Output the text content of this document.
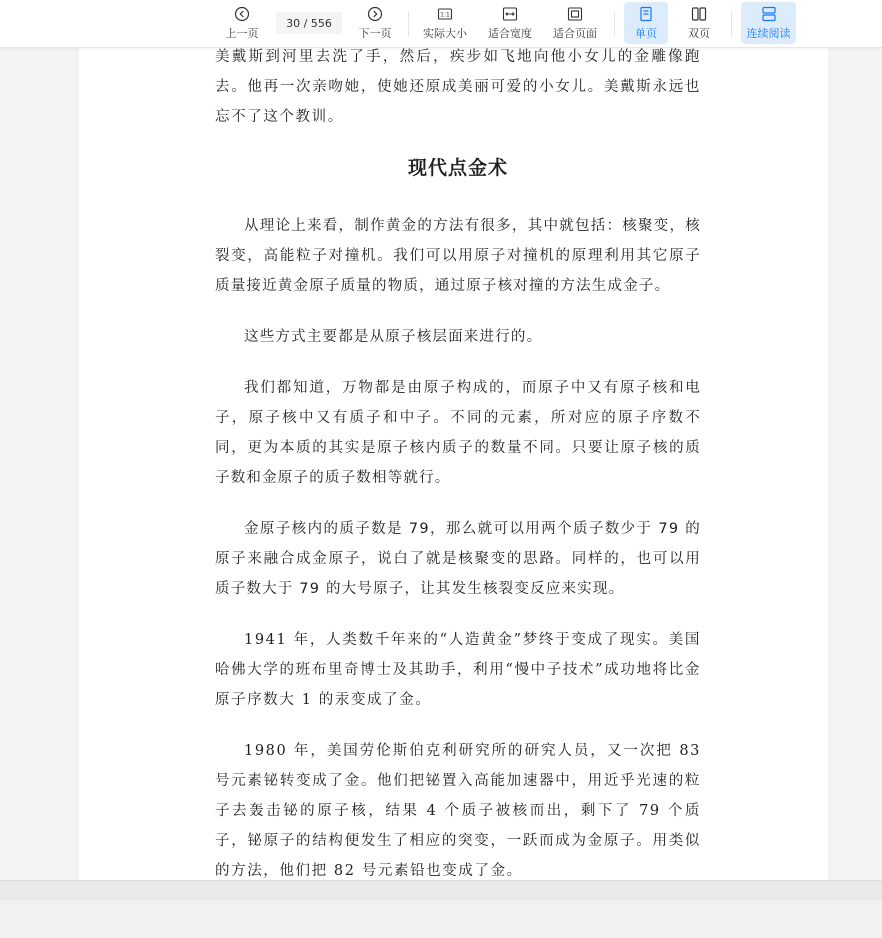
美戴斯到河里去洗了手，然后，疾步如飞地向他小女儿的金雕像跑去。他再一次亲吻她，使她还原成美丽可爱的小女儿。美戴斯永远也忘不了这个教训。

现代点金术

从理论上来看，制作黄金的方法有很多，其中就包括：核聚变，核裂变，高能粒子对撞机。我们可以用原子对撞机的原理利用其它原子质量接近黄金原子质量的物质，通过原子核对撞的方法生成金子。

这些方式主要都是从原子核层面来进行的。

我们都知道，万物都是由原子构成的，而原子中又有原子核和电子，原子核中又有质子和中子。不同的元素，所对应的原子序数不同，更为本质的其实是原子核内质子的数量不同。只要让原子核的质子数和金原子的质子数相等就行。

金原子核内的质子数是 79，那么就可以用两个质子数少于 79 的原子来融合成金原子，说白了就是核聚变的思路。同样的，也可以用质子数大于 79 的大号原子，让其发生核裂变反应来实现。

1941 年，人类数千年来的“人造黄金”梦终于变成了现实。美国哈佛大学的班布里奇博士及其助手，利用“慢中子技术”成功地将比金原子序数大 1 的汞变成了金。

1980 年，美国劳伦斯伯克利研究所的研究人员，又一次把 83 号元素铋转变成了金。他们把铋置入高能加速器中，用近乎光速的粒子去轰击铋的原子核，结果 4 个质子被核而出，剩下了 79 个质子，铋原子的结构便发生了相应的突变，一跃而成为金原子。用类似的方法，他们把 82 号元素铅也变成了金。

上一页
30 / 556
下一页
1:1
实际大小 适合宽度 适合页面	单页	双页	连续阅读
